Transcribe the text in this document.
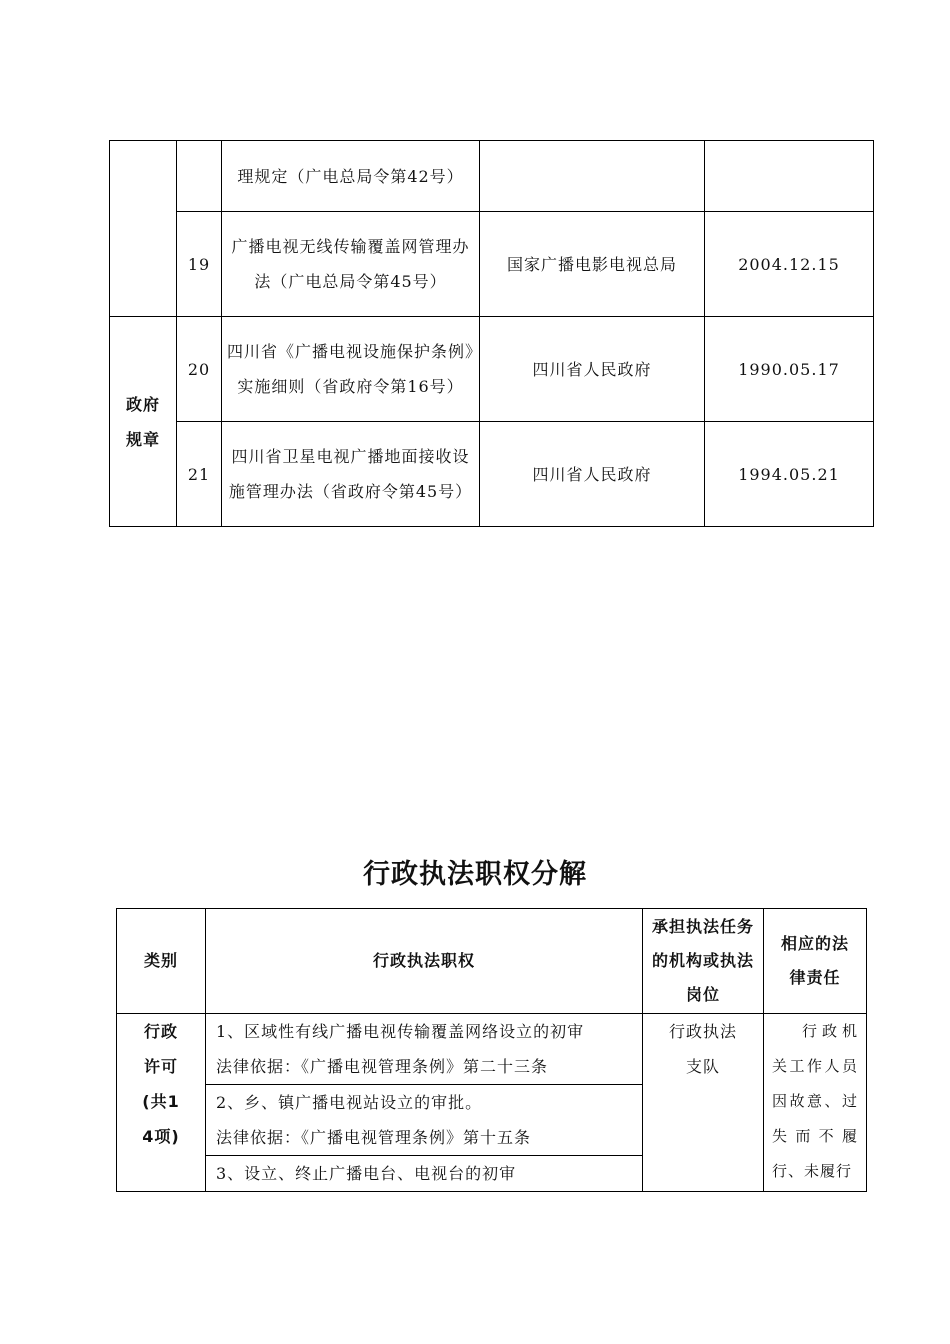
		理规定（广电总局令第42号）		
	19	广播电视无线传输覆盖网管理办法（广电总局令第45号）	国家广播电影电视总局	2004.12.15

政府规章	20	四川省《广播电视设施保护条例》实施细则（省政府令第16号）	四川省人民政府	1990.05.17
	21	四川省卫星电视广播地面接收设施管理办法（省政府令第45号）	四川省人民政府	1994.05.21
行政执法职权分解
类别	行政执法职权	承担执法任务的机构或执法岗位	相应的法律责任

行政许可(共14项)	1、区域性有线广播电视传输覆盖网络设立的初审
法律依据：《广播电视管理条例》第二十三条	行政执法支队	行政机关工作人员因故意、过失而不履行、未履行

	2、乡、镇广播电视站设立的审批。
法律依据：《广播电视管理条例》第十五条		

	3、设立、终止广播电台、电视台的初审		
